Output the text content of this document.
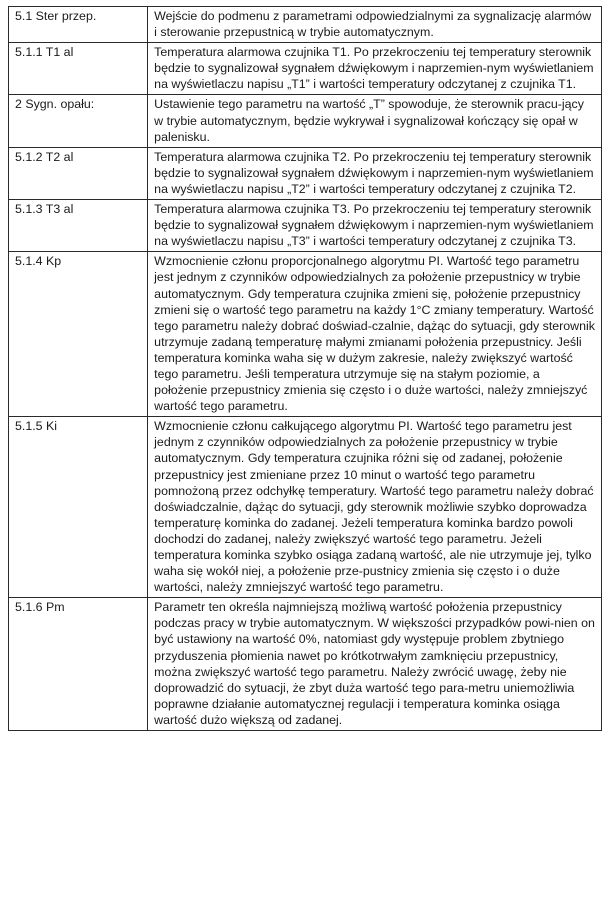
5.1 Ster przep.	Wejście do podmenu z parametrami odpowiedzialnymi za sygnalizację alarmów i sterowanie przepustnicą w trybie automatycznym.
5.1.1 T1 al	Temperatura alarmowa czujnika T1. Po przekroczeniu tej temperatury sterownik będzie to sygnalizował sygnałem dźwiękowym i naprzemien-nym wyświetlaniem na wyświetlaczu napisu „T1” i wartości temperatury odczytanej z czujnika T1.
2 Sygn. opału:	Ustawienie tego parametru na wartość „T” spowoduje, że sterownik pracu-jący w trybie automatycznym, będzie wykrywał i sygnalizował kończący się opał w palenisku.
5.1.2 T2 al	Temperatura alarmowa czujnika T2. Po przekroczeniu tej temperatury sterownik będzie to sygnalizował sygnałem dźwiękowym i naprzemien-nym wyświetlaniem na wyświetlaczu napisu „T2” i wartości temperatury odczytanej z czujnika T2.
5.1.3 T3 al	Temperatura alarmowa czujnika T3. Po przekroczeniu tej temperatury sterownik będzie to sygnalizował sygnałem dźwiękowym i naprzemien-nym wyświetlaniem na wyświetlaczu napisu „T3” i wartości temperatury odczytanej z czujnika T3.
5.1.4 Kp	Wzmocnienie członu proporcjonalnego algorytmu PI. Wartość tego parametru jest jednym z czynników odpowiedzialnych za położenie przepustnicy w trybie automatycznym. Gdy temperatura czujnika zmieni się, położenie przepustnicy zmieni się o wartość tego parametru na każdy 1°C zmiany temperatury. Wartość tego parametru należy dobrać doświad-czalnie, dążąc do sytuacji, gdy sterownik utrzymuje zadaną temperaturę małymi zmianami położenia przepustnicy. Jeśli temperatura kominka waha się w dużym zakresie, należy zwiększyć wartość tego parametru. Jeśli temperatura utrzymuje się na stałym poziomie, a położenie przepustnicy zmienia się często i o duże wartości, należy zmniejszyć wartość tego parametru.
5.1.5 Ki	Wzmocnienie członu całkującego algorytmu PI. Wartość tego parametru jest jednym z czynników odpowiedzialnych za położenie przepustnicy w trybie automatycznym. Gdy temperatura czujnika różni się od zadanej, położenie przepustnicy jest zmieniane przez 10 minut o wartość tego parametru pomnożoną przez odchyłkę temperatury. Wartość tego parametru należy dobrać doświadczalnie, dążąc do sytuacji, gdy sterownik możliwie szybko doprowadza temperaturę kominka do zadanej. Jeżeli temperatura kominka bardzo powoli dochodzi do zadanej, należy zwiększyć wartość tego parametru. Jeżeli temperatura kominka szybko osiąga zadaną wartość, ale nie utrzymuje jej, tylko waha się wokół niej, a położenie prze-pustnicy zmienia się często i o duże wartości, należy zmniejszyć wartość tego parametru.
5.1.6 Pm	Parametr ten określa najmniejszą możliwą wartość położenia przepustnicy podczas pracy w trybie automatycznym. W większości przypadków powi-nien on być ustawiony na wartość 0%, natomiast gdy występuje problem zbytniego przyduszenia płomienia nawet po krótkotrwałym zamknięciu przepustnicy, można zwiększyć wartość tego parametru. Należy zwrócić uwagę, żeby nie doprowadzić do sytuacji, że zbyt duża wartość tego para-metru uniemożliwia poprawne działanie automatycznej regulacji i temperatura kominka osiąga wartość dużo większą od zadanej.
